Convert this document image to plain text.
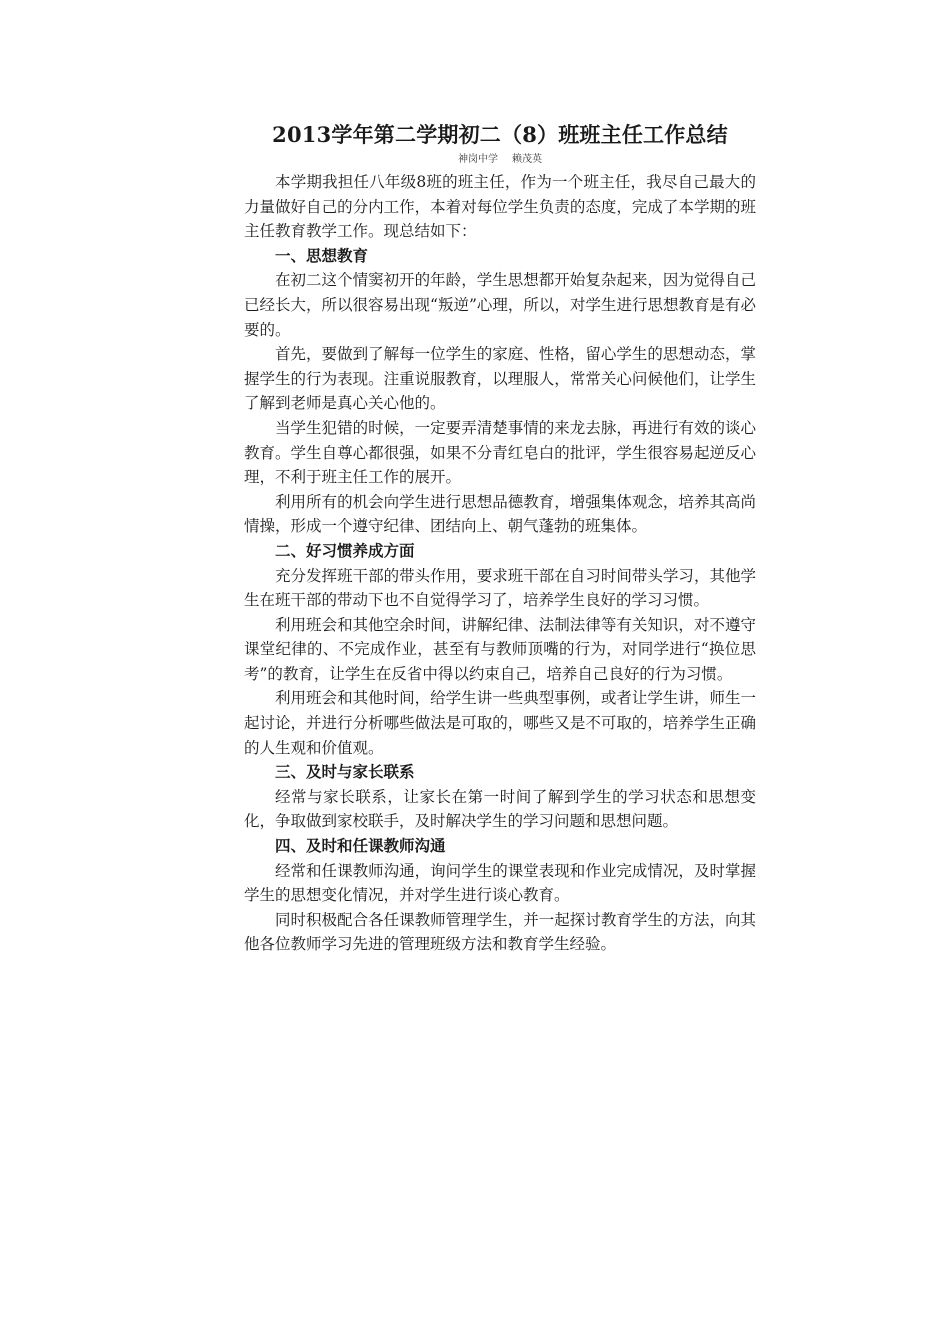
2013学年第二学期初二（8）班班主任工作总结

神岗中学 赖茂英

本学期我担任八年级8班的班主任，作为一个班主任，我尽自己最大的力量做好自己的分内工作，本着对每位学生负责的态度，完成了本学期的班主任教育教学工作。现总结如下：

一、思想教育

在初二这个情窦初开的年龄，学生思想都开始复杂起来，因为觉得自己已经长大，所以很容易出现“叛逆”心理，所以，对学生进行思想教育是有必要的。

首先，要做到了解每一位学生的家庭、性格，留心学生的思想动态，掌握学生的行为表现。注重说服教育，以理服人，常常关心问候他们，让学生了解到老师是真心关心他的。

当学生犯错的时候，一定要弄清楚事情的来龙去脉，再进行有效的谈心教育。学生自尊心都很强，如果不分青红皂白的批评，学生很容易起逆反心理，不利于班主任工作的展开。

利用所有的机会向学生进行思想品德教育，增强集体观念，培养其高尚情操，形成一个遵守纪律、团结向上、朝气蓬勃的班集体。

二、好习惯养成方面

充分发挥班干部的带头作用，要求班干部在自习时间带头学习，其他学生在班干部的带动下也不自觉得学习了，培养学生良好的学习习惯。

利用班会和其他空余时间，讲解纪律、法制法律等有关知识，对不遵守课堂纪律的、不完成作业，甚至有与教师顶嘴的行为，对同学进行“换位思考”的教育，让学生在反省中得以约束自己，培养自己良好的行为习惯。

利用班会和其他时间，给学生讲一些典型事例，或者让学生讲，师生一起讨论，并进行分析哪些做法是可取的，哪些又是不可取的，培养学生正确的人生观和价值观。

三、及时与家长联系

经常与家长联系，让家长在第一时间了解到学生的学习状态和思想变化，争取做到家校联手，及时解决学生的学习问题和思想问题。

四、及时和任课教师沟通

经常和任课教师沟通，询问学生的课堂表现和作业完成情况，及时掌握学生的思想变化情况，并对学生进行谈心教育。

同时积极配合各任课教师管理学生，并一起探讨教育学生的方法，向其他各位教师学习先进的管理班级方法和教育学生经验。
